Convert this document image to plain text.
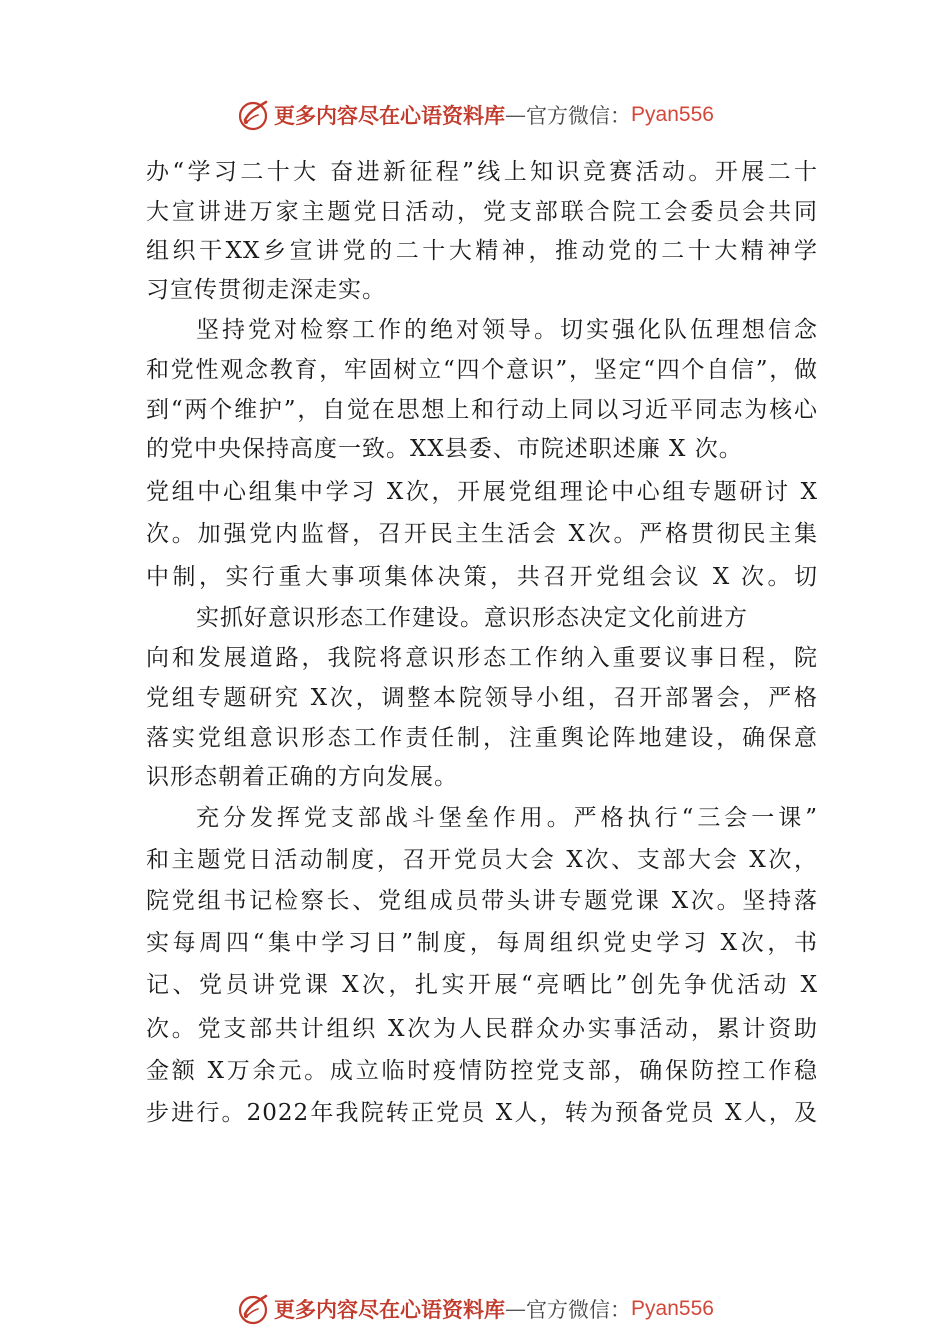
更多内容尽在心语资料库 — 官方微信： Pyan556
办“学习二十大 奋进新征程”线上知识竞赛活动。开展二十
大宣讲进万家主题党日活动，党支部联合院工会委员会共同
组织干XX乡宣讲党的二十大精神，推动党的二十大精神学
习宣传贯彻走深走实。
坚持党对检察工作的绝对领导。切实强化队伍理想信念
和党性观念教育，牢固树立“四个意识”，坚定“四个自信”，做
到“两个维护”，自觉在思想上和行动上同以习近平同志为核心
的党中央保持高度一致。XX县委、市院述职述廉 X 次。
党组中心组集中学习 X次，开展党组理论中心组专题研讨 X
次。加强党内监督，召开民主生活会 X次。严格贯彻民主集
中制，实行重大事项集体决策，共召开党组会议 X 次。切
实抓好意识形态工作建设。意识形态决定文化前进方
向和发展道路，我院将意识形态工作纳入重要议事日程，院
党组专题研究 X次，调整本院领导小组，召开部署会，严格
落实党组意识形态工作责任制，注重舆论阵地建设，确保意
识形态朝着正确的方向发展。
充分发挥党支部战斗堡垒作用。严格执行“三会一课”
和主题党日活动制度，召开党员大会 X次、支部大会 X次，
院党组书记检察长、党组成员带头讲专题党课 X次。坚持落
实每周四“集中学习日”制度，每周组织党史学习 X次，书
记、党员讲党课 X次，扎实开展“亮晒比”创先争优活动 X
次。党支部共计组织 X次为人民群众办实事活动，累计资助
金额 X万余元。成立临时疫情防控党支部，确保防控工作稳
步进行。2022年我院转正党员 X人，转为预备党员 X人，及
更多内容尽在心语资料库 — 官方微信： Pyan556
